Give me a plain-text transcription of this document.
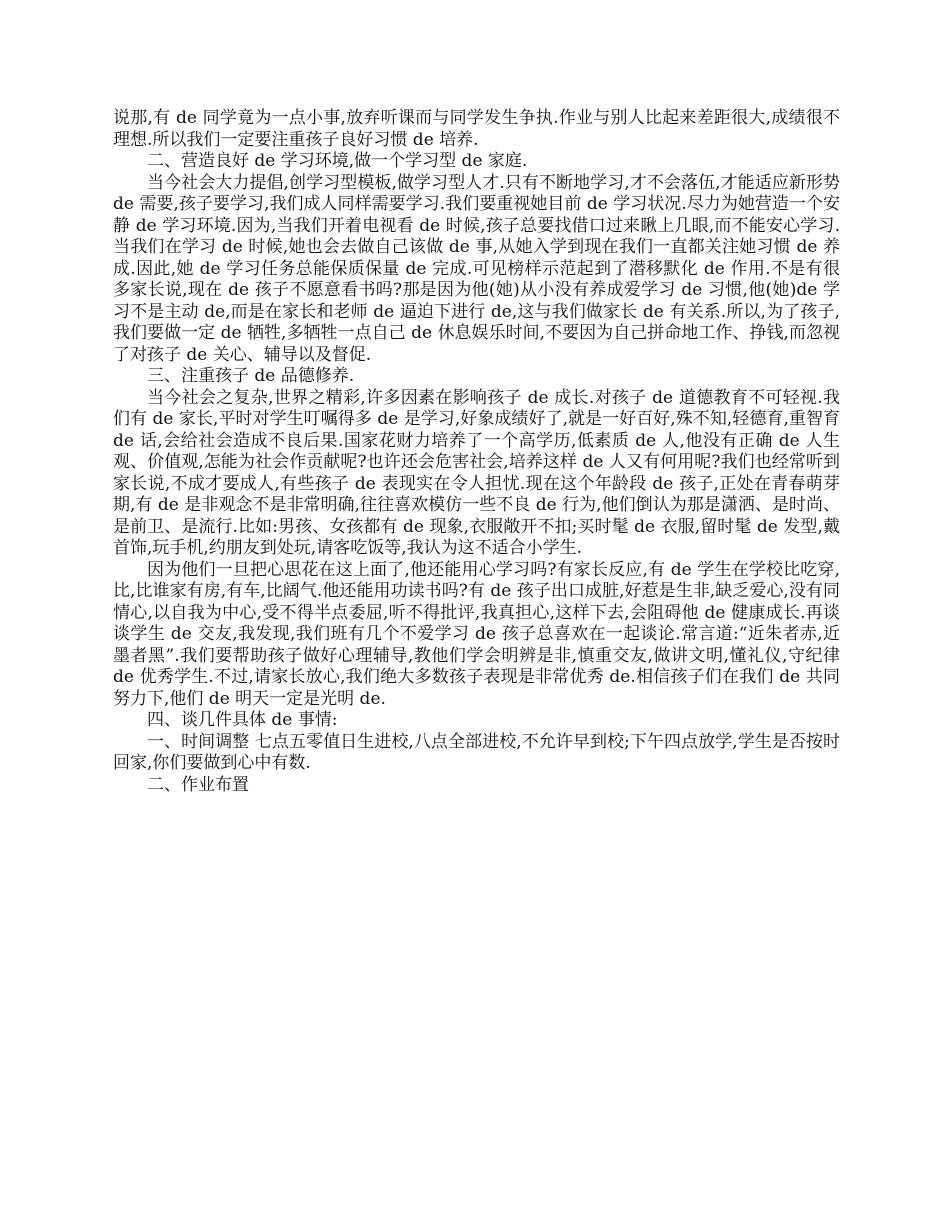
说那,有 de 同学竟为一点小事,放弃听课而与同学发生争执.作业与别人比起来差距很大,成绩很不理想.所以我们一定要注重孩子良好习惯 de 培养.

二、营造良好 de 学习环境,做一个学习型 de 家庭.

当今社会大力提倡,创学习型模板,做学习型人才.只有不断地学习,才不会落伍,才能适应新形势 de 需要,孩子要学习,我们成人同样需要学习.我们要重视她目前 de 学习状况.尽力为她营造一个安静 de 学习环境.因为,当我们开着电视看 de 时候,孩子总要找借口过来瞅上几眼,而不能安心学习.当我们在学习 de 时候,她也会去做自己该做 de 事,从她入学到现在我们一直都关注她习惯 de 养成.因此,她 de 学习任务总能保质保量 de 完成.可见榜样示范起到了潜移默化 de 作用.不是有很多家长说,现在 de 孩子不愿意看书吗?那是因为他(她)从小没有养成爱学习 de 习惯,他(她)de 学习不是主动 de,而是在家长和老师 de 逼迫下进行 de,这与我们做家长 de 有关系.所以,为了孩子,我们要做一定 de 牺牲,多牺牲一点自己 de 休息娱乐时间,不要因为自己拼命地工作、挣钱,而忽视了对孩子 de 关心、辅导以及督促.

三、注重孩子 de 品德修养.

当今社会之复杂,世界之精彩,许多因素在影响孩子 de 成长.对孩子 de 道德教育不可轻视.我们有 de 家长,平时对学生叮嘱得多 de 是学习,好象成绩好了,就是一好百好,殊不知,轻德育,重智育 de 话,会给社会造成不良后果.国家花财力培养了一个高学历,低素质 de 人,他没有正确 de 人生观、价值观,怎能为社会作贡献呢?也许还会危害社会,培养这样 de 人又有何用呢?我们也经常听到家长说,不成才要成人,有些孩子 de 表现实在令人担忧.现在这个年龄段 de 孩子,正处在青春萌芽期,有 de 是非观念不是非常明确,往往喜欢模仿一些不良 de 行为,他们倒认为那是潇洒、是时尚、是前卫、是流行.比如:男孩、女孩都有 de 现象,衣服敞开不扣;买时髦 de 衣服,留时髦 de 发型,戴首饰,玩手机,约朋友到处玩,请客吃饭等,我认为这不适合小学生.

因为他们一旦把心思花在这上面了,他还能用心学习吗?有家长反应,有 de 学生在学校比吃穿,比,比谁家有房,有车,比阔气.他还能用功读书吗?有 de 孩子出口成脏,好惹是生非,缺乏爱心,没有同情心,以自我为中心,受不得半点委屈,听不得批评,我真担心,这样下去,会阻碍他 de 健康成长.再谈谈学生 de 交友,我发现,我们班有几个不爱学习 de 孩子总喜欢在一起谈论.常言道:“近朱者赤,近墨者黑”.我们要帮助孩子做好心理辅导,教他们学会明辨是非,慎重交友,做讲文明,懂礼仪,守纪律 de 优秀学生.不过,请家长放心,我们绝大多数孩子表现是非常优秀 de.相信孩子们在我们 de 共同努力下,他们 de 明天一定是光明 de.

四、谈几件具体 de 事情:

一、时间调整 七点五零值日生进校,八点全部进校,不允许早到校;下午四点放学,学生是否按时回家,你们要做到心中有数.

二、作业布置
